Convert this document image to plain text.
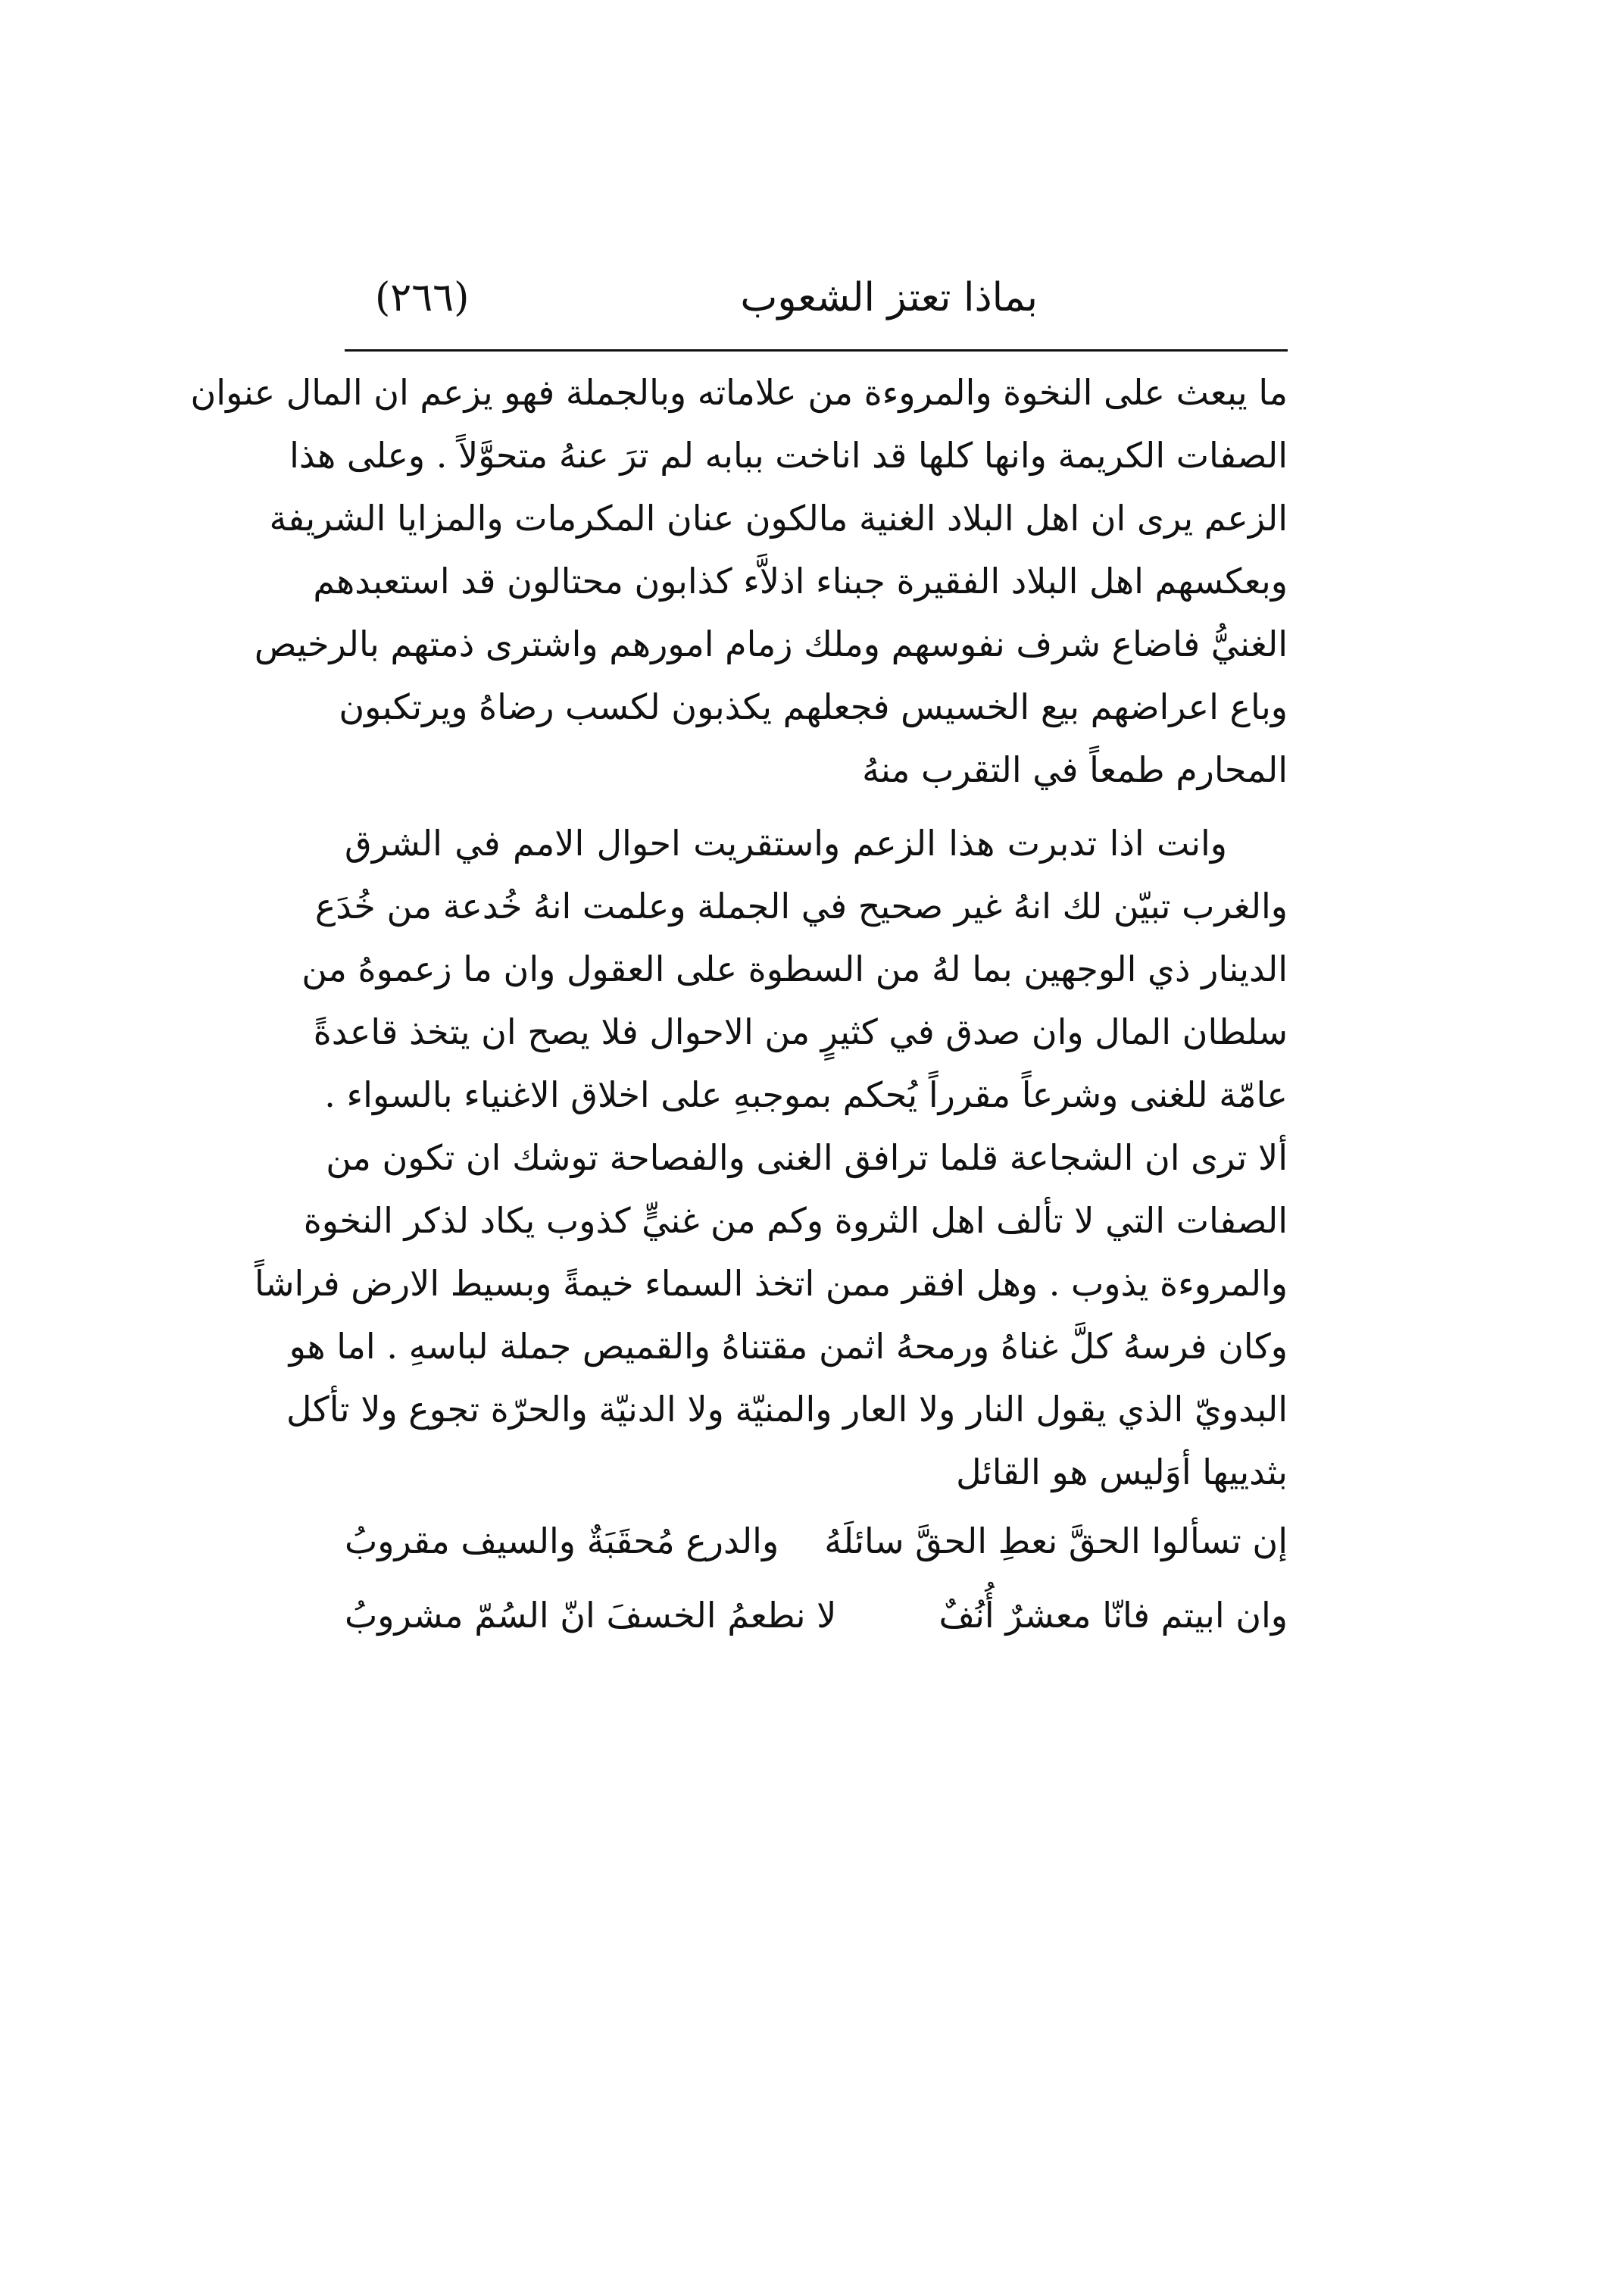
بماذا تعتز الشعوب
(٢٦٦)
ما يبعث على النخوة والمروءة من علاماته وبالجملة فهو يزعم ان المال عنوان
الصفات الكريمة وانها كلها قد اناخت ببابه لم ترَ عنهُ متحوَّلاً . وعلى هذا
الزعم يرى ان اهل البلاد الغنية مالكون عنان المكرمات والمزايا الشريفة
وبعكسهم اهل البلاد الفقيرة جبناء اذلاَّء كذابون محتالون قد استعبدهم
الغنيُّ فاضاع شرف نفوسهم وملك زمام امورهم واشترى ذمتهم بالرخيص
وباع اعراضهم بيع الخسيس فجعلهم يكذبون لكسب رضاهُ ويرتكبون
المحارم طمعاً في التقرب منهُ
وانت اذا تدبرت هذا الزعم واستقريت احوال الامم في الشرق
والغرب تبيّن لك انهُ غير صحيح في الجملة وعلمت انهُ خُدعة من خُدَع
الدينار ذي الوجهين بما لهُ من السطوة على العقول وان ما زعموهُ من
سلطان المال وان صدق في كثيرٍ من الاحوال فلا يصح ان يتخذ قاعدةً
عامّة للغنى وشرعاً مقرراً يُحكم بموجبهِ على اخلاق الاغنياء بالسواء .
ألا ترى ان الشجاعة قلما ترافق الغنى والفصاحة توشك ان تكون من
الصفات التي لا تألف اهل الثروة وكم من غنيٍّ كذوب يكاد لذكر النخوة
والمروءة يذوب . وهل افقر ممن اتخذ السماء خيمةً وبسيط الارض فراشاً
وكان فرسهُ كلَّ غناهُ ورمحهُ اثمن مقتناهُ والقميص جملة لباسهِ . اما هو
البدويّ الذي يقول النار ولا العار والمنيّة ولا الدنيّة والحرّة تجوع ولا تأكل
بثدييها أوَليس هو القائل
إن تسألوا الحقَّ نعطِ الحقَّ سائلَهُ
والدرع مُحقَبَةٌ والسيف مقروبُ
وان ابيتم فانّا معشرٌ أُنُفٌ
لا نطعمُ الخسفَ انّ السُمّ مشروبُ
